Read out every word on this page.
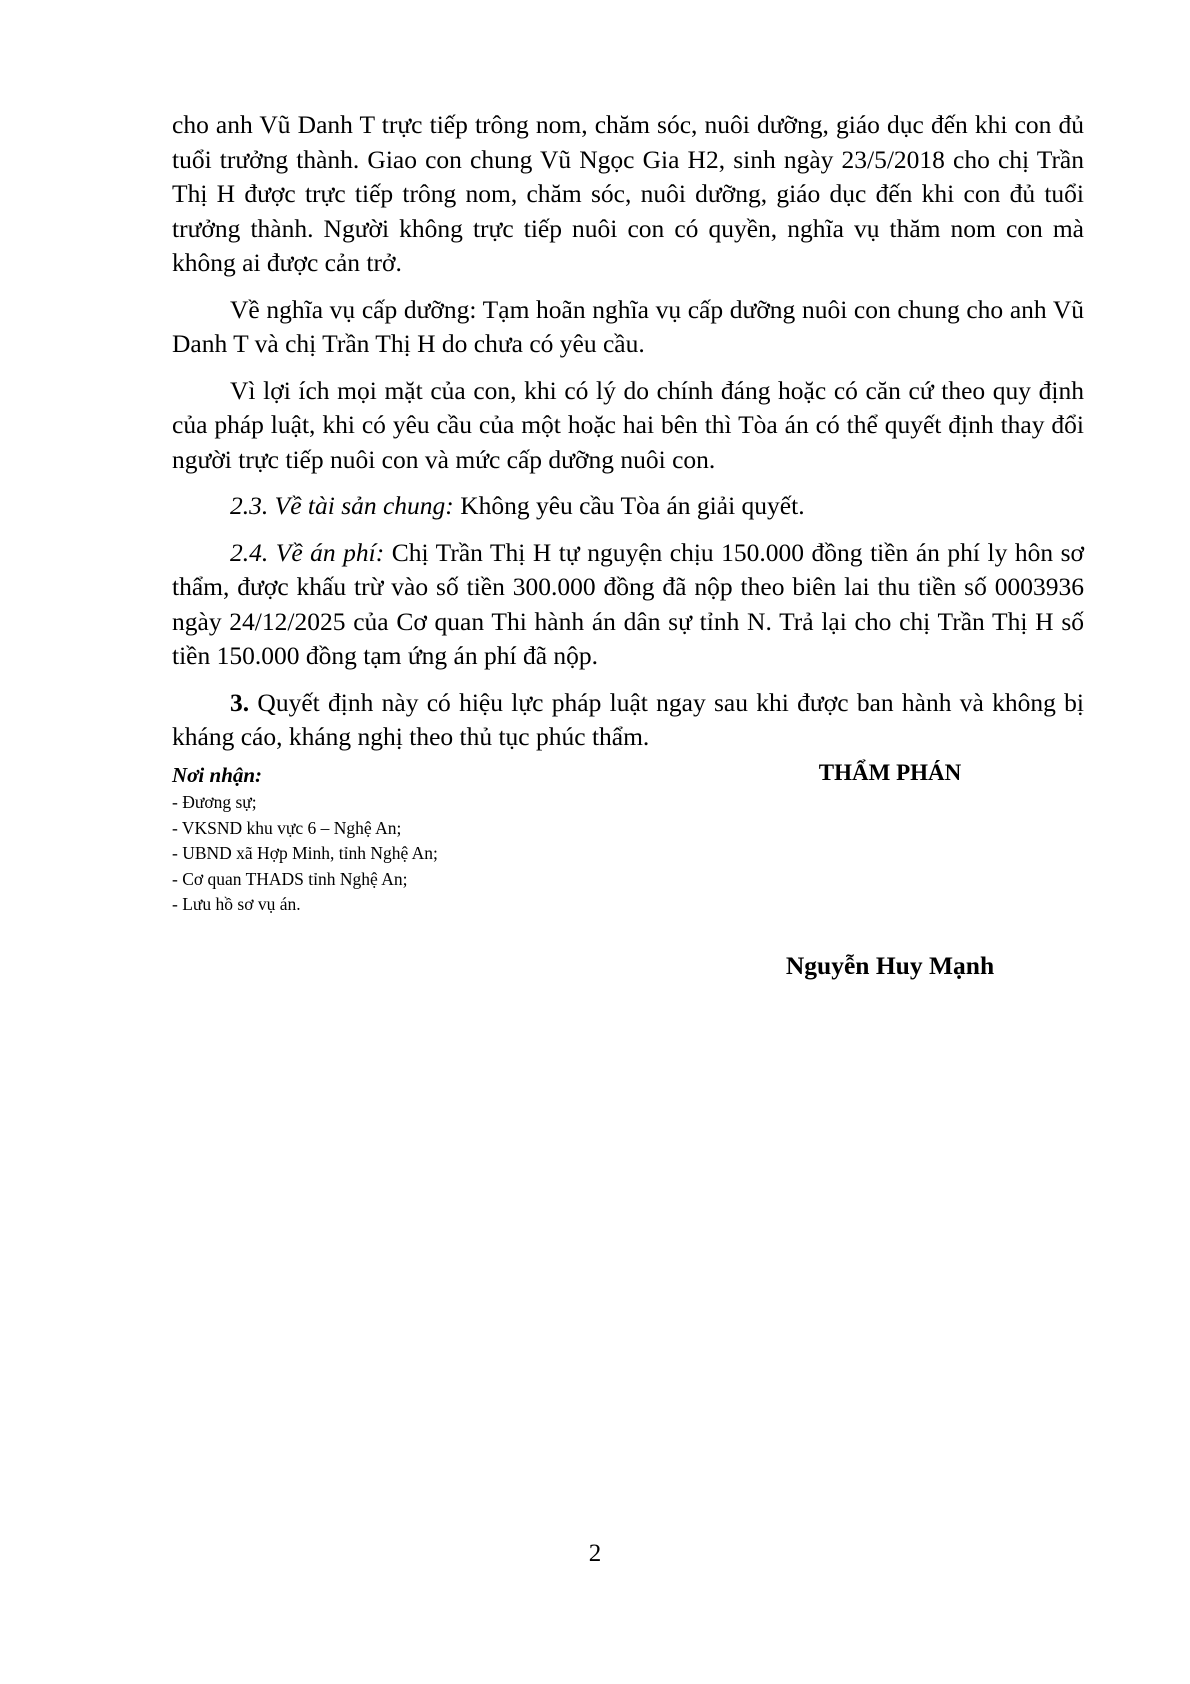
cho anh Vũ Danh T trực tiếp trông nom, chăm sóc, nuôi dưỡng, giáo dục đến khi con đủ tuổi trưởng thành. Giao con chung Vũ Ngọc Gia H2, sinh ngày 23/5/2018 cho chị Trần Thị H được trực tiếp trông nom, chăm sóc, nuôi dưỡng, giáo dục đến khi con đủ tuổi trưởng thành. Người không trực tiếp nuôi con có quyền, nghĩa vụ thăm nom con mà không ai được cản trở.

Về nghĩa vụ cấp dưỡng: Tạm hoãn nghĩa vụ cấp dưỡng nuôi con chung cho anh Vũ Danh T và chị Trần Thị H do chưa có yêu cầu.

Vì lợi ích mọi mặt của con, khi có lý do chính đáng hoặc có căn cứ theo quy định của pháp luật, khi có yêu cầu của một hoặc hai bên thì Tòa án có thể quyết định thay đổi người trực tiếp nuôi con và mức cấp dưỡng nuôi con.

2.3. Về tài sản chung: Không yêu cầu Tòa án giải quyết.

2.4. Về án phí: Chị Trần Thị H tự nguyện chịu 150.000 đồng tiền án phí ly hôn sơ thẩm, được khấu trừ vào số tiền 300.000 đồng đã nộp theo biên lai thu tiền số 0003936 ngày 24/12/2025 của Cơ quan Thi hành án dân sự tỉnh N. Trả lại cho chị Trần Thị H số tiền 150.000 đồng tạm ứng án phí đã nộp.

3. Quyết định này có hiệu lực pháp luật ngay sau khi được ban hành và không bị kháng cáo, kháng nghị theo thủ tục phúc thẩm.

Nơi nhận:
- Đương sự;
- VKSND khu vực 6 – Nghệ An;
- UBND xã Hợp Minh, tỉnh Nghệ An;
- Cơ quan THADS tỉnh Nghệ An;
- Lưu hồ sơ vụ án.
THẨM PHÁN
Nguyễn Huy Mạnh
2
